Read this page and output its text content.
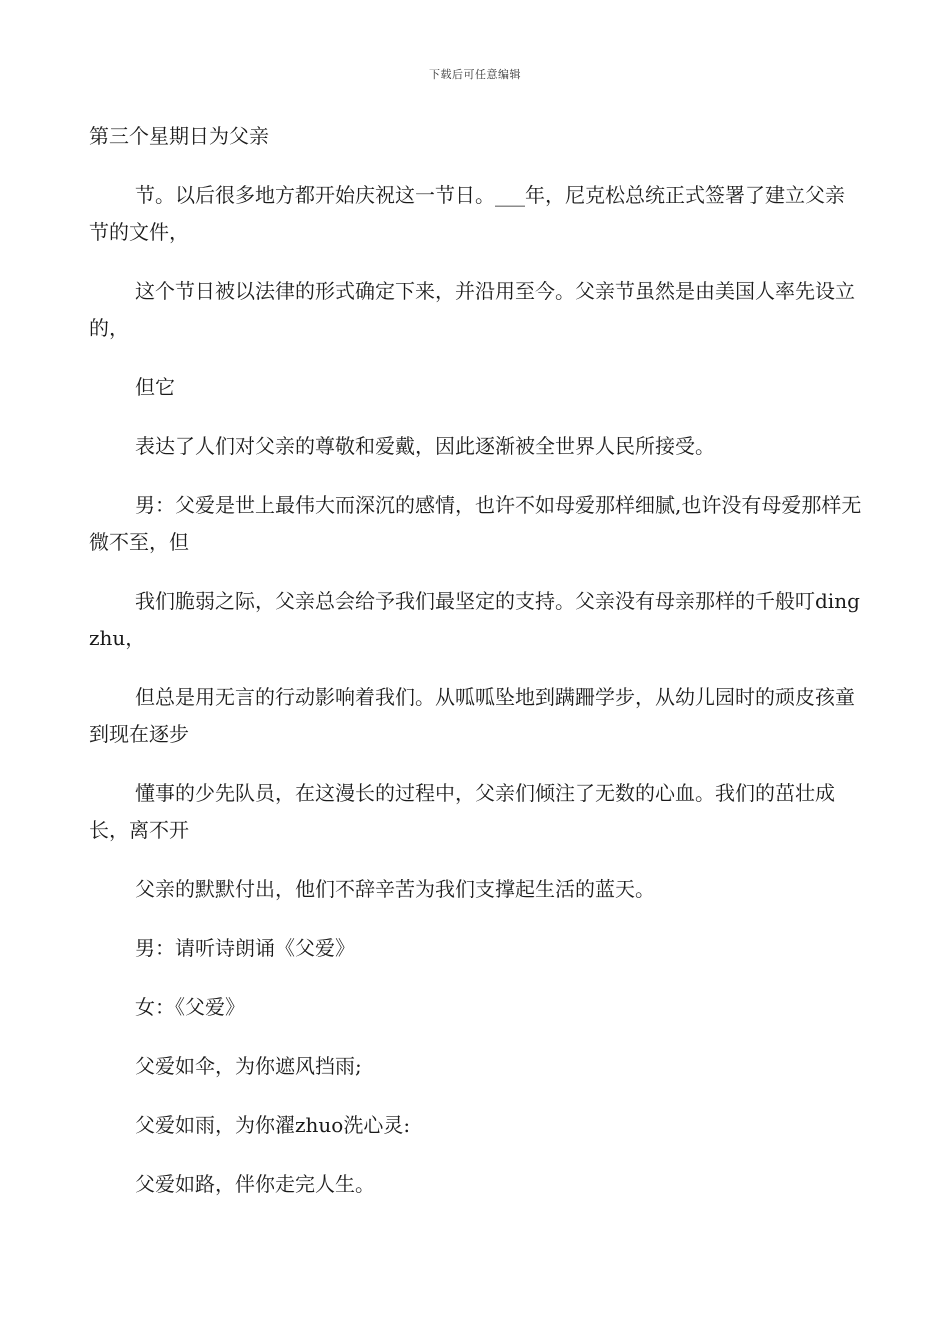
下载后可任意编辑

第三个星期日为父亲

节。以后很多地方都开始庆祝这一节日。___年，尼克松总统正式签署了建立父亲节的文件，

这个节日被以法律的形式确定下来，并沿用至今。父亲节虽然是由美国人率先设立的，

但它

表达了人们对父亲的尊敬和爱戴，因此逐渐被全世界人民所接受。

男：父爱是世上最伟大而深沉的感情，也许不如母爱那样细腻,也许没有母爱那样无微不至，但

我们脆弱之际，父亲总会给予我们最坚定的支持。父亲没有母亲那样的千般叮dingzhu，

但总是用无言的行动影响着我们。从呱呱坠地到蹒跚学步，从幼儿园时的顽皮孩童到现在逐步

懂事的少先队员，在这漫长的过程中，父亲们倾注了无数的心血。我们的茁壮成长，离不开

父亲的默默付出，他们不辞辛苦为我们支撑起生活的蓝天。

男：请听诗朗诵《父爱》

女：《父爱》

父爱如伞，为你遮风挡雨;

父爱如雨，为你濯zhuo洗心灵:

父爱如路，伴你走完人生。
